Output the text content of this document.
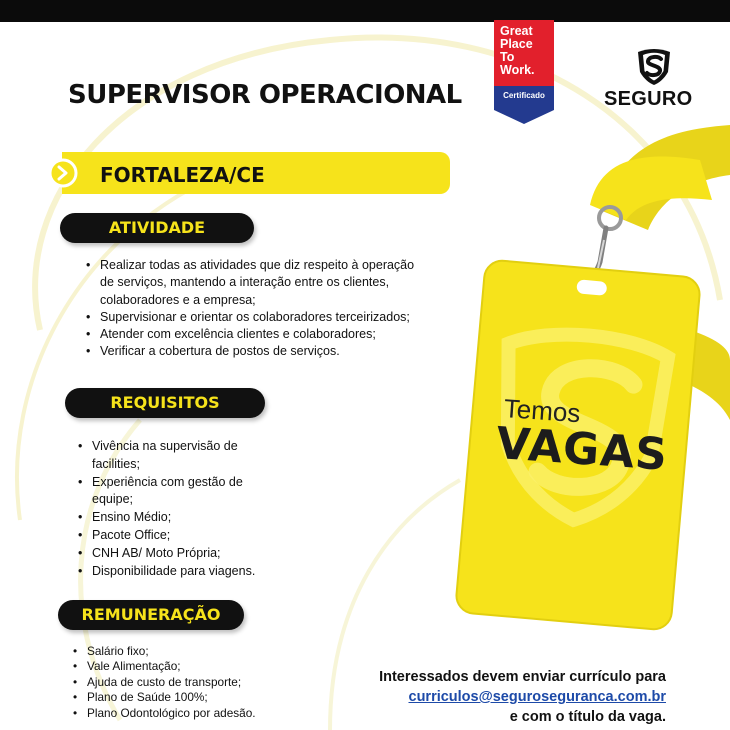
SUPERVISOR OPERACIONAL
Great
Place
To
Work.
Certificado	SEGURO
FORTALEZA/CE
ATIVIDADE
• Realizar todas as atividades que diz respeito à operação de serviços, mantendo a interação entre os clientes, colaboradores e a empresa;
• Supervisionar e orientar os colaboradores terceirizados;
• Atender com excelência clientes e colaboradores;
• Verificar a cobertura de postos de serviços.
REQUISITOS
• Vivência na supervisão de facilities;
• Experiência com gestão de equipe;
• Ensino Médio;
• Pacote Office;
• CNH AB/ Moto Própria;
• Disponibilidade para viagens.
REMUNERAÇÃO
• Salário fixo;
• Vale Alimentação;
• Ajuda de custo de transporte;
• Plano de Saúde 100%;
• Plano Odontológico por adesão.
Temos
VAGAS
Interessados devem enviar currículo para
curriculos@seguroseguranca.com.br
e com o título da vaga.
